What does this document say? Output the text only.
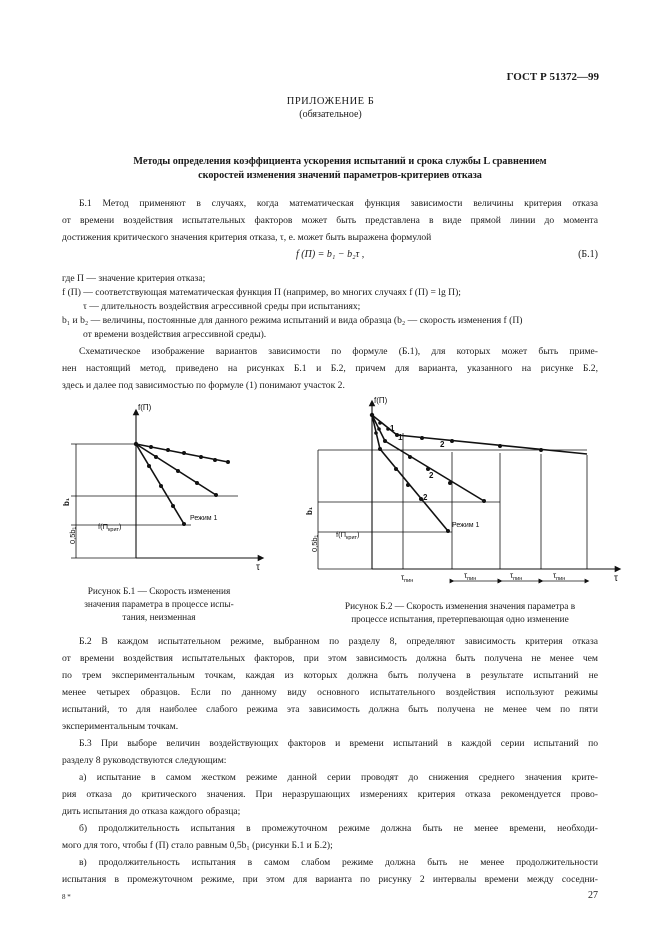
ГОСТ Р 51372—99
ПРИЛОЖЕНИЕ Б
(обязательное)
Методы определения коэффициента ускорения испытаний и срока службы L сравнением
скоростей изменения значений параметров-критериев отказа
Б.1 Метод применяют в случаях, когда математическая функция зависимости величины критерия отказа
от времени воздействия испытательных факторов может быть представлена в виде прямой линии до момента
достижения критического значения критерия отказа, τ, е. может быть выражена формулой
f (П) = b₁ − b₂τ ,	(Б.1)
где П — значение критерия отказа;
f (П) — соответствующая математическая функция П (например, во многих случаях f (П) = lg П);
τ — длительность воздействия агрессивной среды при испытаниях;
b₁ и b₂ — величины, постоянные для данного режима испытаний и вида образца (b₂ — скорость изменения f (П)
от времени воздействия агрессивной среды).
Схематическое изображение вариантов зависимости по формуле (Б.1), для которых может быть приме-
нен настоящий метод, приведено на рисунках Б.1 и Б.2, причем для варианта, указанного на рисунке Б.2,
здесь и далее под зависимостью по формуле (1) понимают участок 2.
f(П)
b₁
0,5b₁
$f(П_{крит})$
Режим 1
τ
Рисунок Б.1 — Скорость изменения
значения параметра в процессе испы-
тания, неизменная
f(П)
1
1
2
2
2
b₁
0,5b₁
$f(П_{крит})$
Режим 1
τ
$\tau_{пин}$
$\tau_{пин}$	$\tau_{пин}$	$\tau_{пин}$
Рисунок Б.2 — Скорость изменения значения параметра в
процессе испытания, претерпевающая одно изменение
Б.2 В каждом испытательном режиме, выбранном по разделу 8, определяют зависимость критерия отказа
от времени воздействия испытательных факторов, при этом зависимость должна быть получена не менее чем
по трем экспериментальным точкам, каждая из которых должна быть получена в результате испытаний не
менее четырех образцов. Если по данному виду основного испытательного воздействия используют режимы
испытаний, то для наиболее слабого режима эта зависимость должна быть получена не менее чем по пяти
экспериментальным точкам.
Б.3 При выборе величин воздействующих факторов и времени испытаний в каждой серии испытаний по
разделу 8 руководствуются следующим:
а) испытание в самом жестком режиме данной серии проводят до снижения среднего значения крите-
рия отказа до критического значения. При неразрушающих измерениях критерия отказа рекомендуется прово-
дить испытания до отказа каждого образца;
б) продолжительность испытания в промежуточном режиме должна быть не менее времени, необходи-
мого для того, чтобы f (П) стало равным 0,5b₁ (рисунки Б.1 и Б.2);
в) продолжительность испытания в самом слабом режиме должна быть не менее продолжительности
испытания в промежуточном режиме, при этом для варианта по рисунку 2 интервалы времени между соседни-
8 *	27
